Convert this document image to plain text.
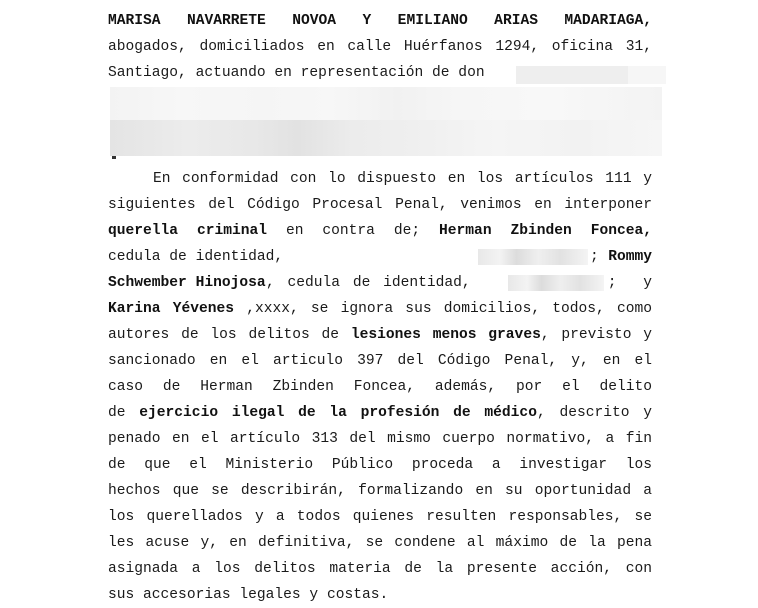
MARISA NAVARRETE NOVOA Y EMILIANO ARIAS MADARIAGA,
abogados, domiciliados en calle Huérfanos 1294, oficina 31,
Santiago, actuando en representación de don
En conformidad con lo dispuesto en los artículos 111 y
siguientes del Código Procesal Penal, venimos en interponer
querella criminal en contra de; Herman Zbinden Foncea,
cedula de identidad,	; Rommy
Schwember Hinojosa , cedula de identidad,	; y
Karina Yévenes ,xxxx, se ignora sus domicilios, todos, como
autores de los delitos de lesiones menos graves, previsto y
sancionado en el articulo 397 del Código Penal, y, en el
caso de Herman Zbinden Foncea, además, por el delito
de ejercicio ilegal de la profesión de médico, descrito y
penado en el artículo 313 del mismo cuerpo normativo, a fin
de que el Ministerio Público proceda a investigar los
hechos que se describirán, formalizando en su oportunidad a
los querellados y a todos quienes resulten responsables, se
les acuse y, en definitiva, se condene al máximo de la pena
asignada a los delitos materia de la presente acción, con
sus accesorias legales y costas.
